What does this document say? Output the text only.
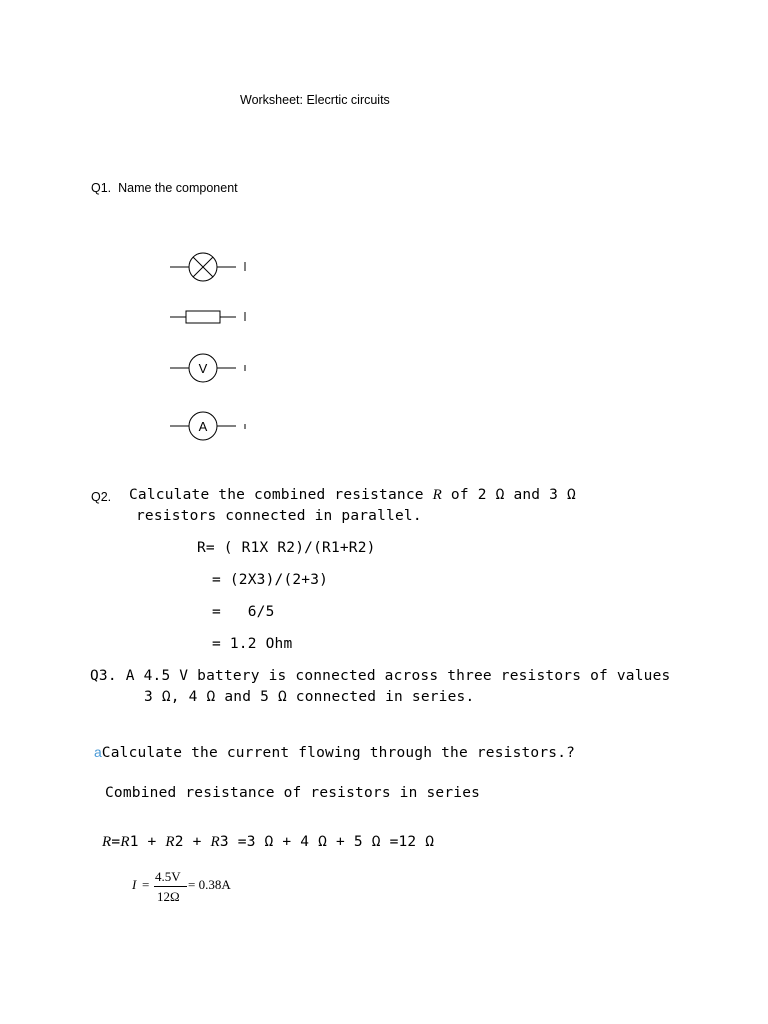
Worksheet: Elecrtic circuits
Q1. Name the component
V
A
Q2. Calculate the combined resistance R of 2 Ω and 3 Ω
resistors connected in parallel.
R= ( R1X R2)/(R1+R2)
= (2X3)/(2+3)
=   6/5
= 1.2 Ohm
Q3. A 4.5 V battery is connected across three resistors of values
3 Ω, 4 Ω and 5 Ω connected in series.
aCalculate the current flowing through the resistors.?
Combined resistance of resistors in series
R=R1 + R2 + R3 =3 Ω + 4 Ω + 5 Ω =12 Ω
I =
4.5V
12Ω
= 0.38A
